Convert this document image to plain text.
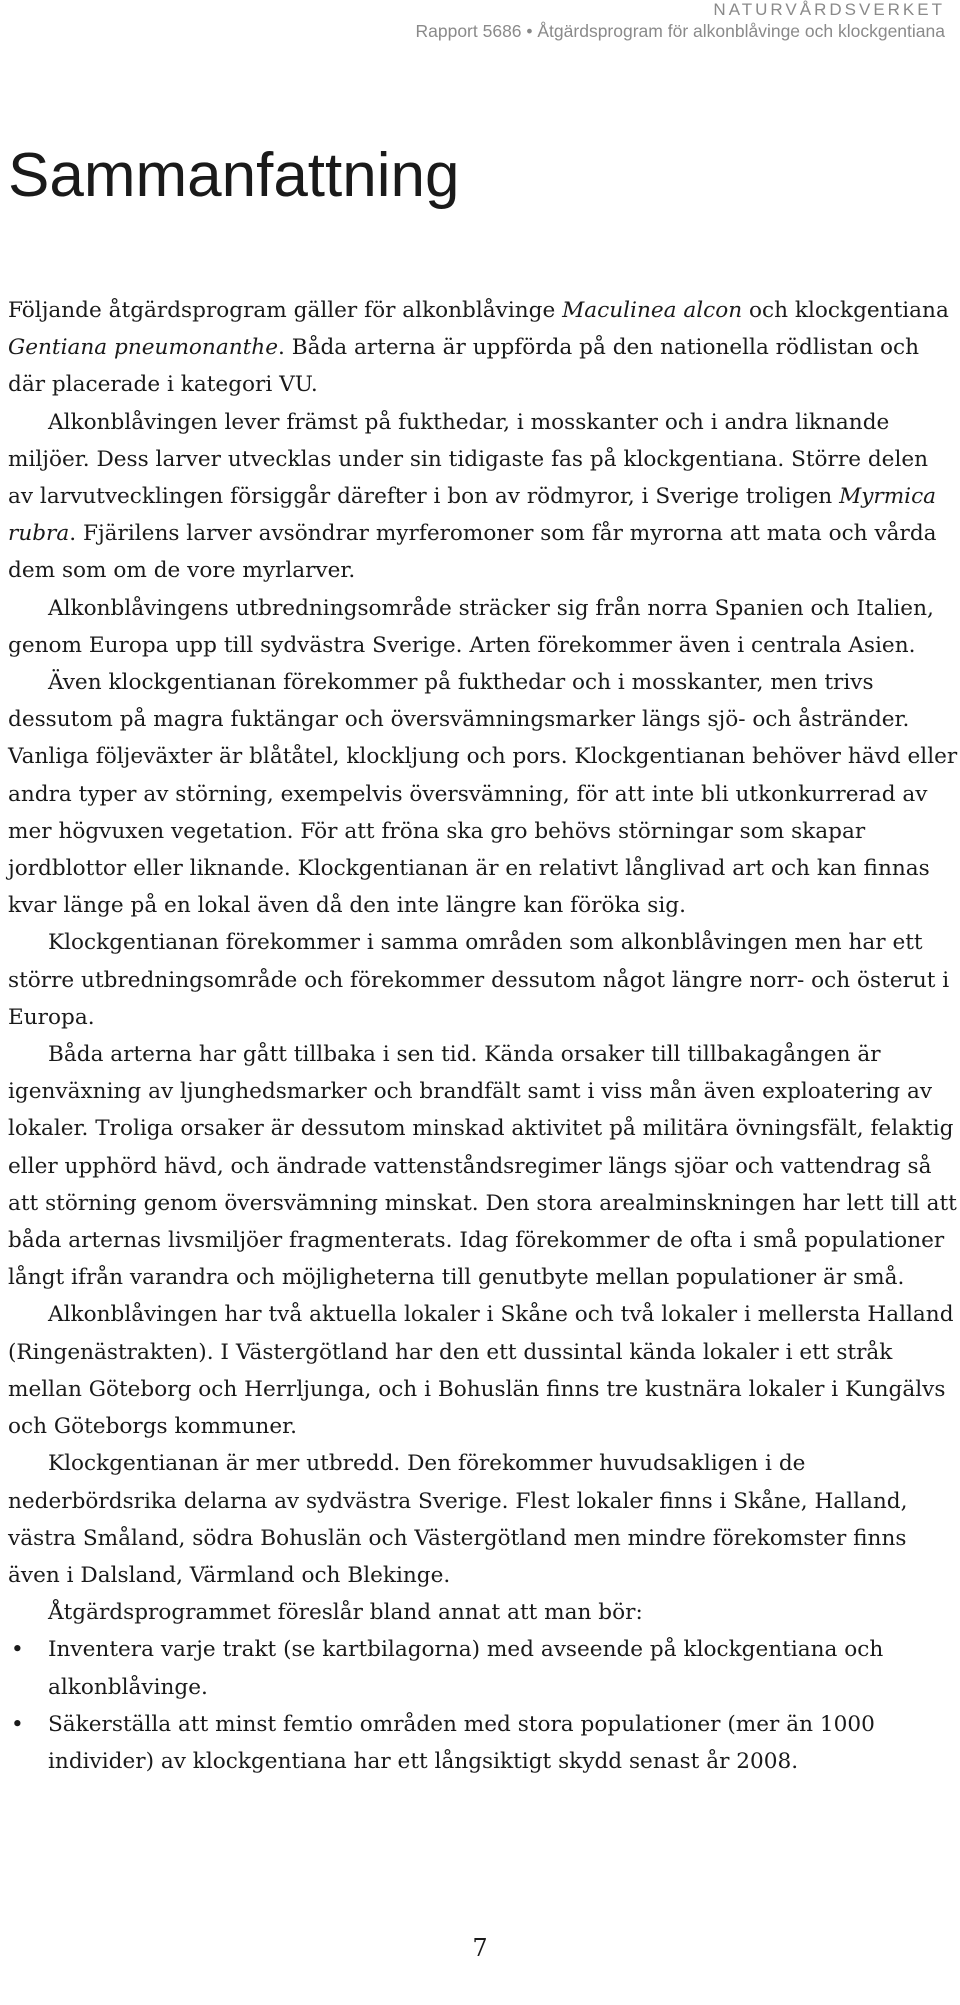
NATURVÅRDSVERKET
Rapport 5686 • Åtgärdsprogram för alkonblåvinge och klockgentiana
Sammanfattning

Följande åtgärdsprogram gäller för alkonblåvinge Maculinea alcon och klockgentiana Gentiana pneumonanthe. Båda arterna är uppförda på den nationella rödlistan och där placerade i kategori VU.

Alkonblåvingen lever främst på fukthedar, i mosskanter och i andra liknande miljöer. Dess larver utvecklas under sin tidigaste fas på klockgentiana. Större delen av larvutvecklingen försiggår därefter i bon av rödmyror, i Sverige troligen Myrmica rubra. Fjärilens larver avsöndrar myrferomoner som får myrorna att mata och vårda dem som om de vore myrlarver.

Alkonblåvingens utbredningsområde sträcker sig från norra Spanien och Italien, genom Europa upp till sydvästra Sverige. Arten förekommer även i centrala Asien.

Även klockgentianan förekommer på fukthedar och i mosskanter, men trivs dessutom på magra fuktängar och översvämningsmarker längs sjö- och åstränder. Vanliga följeväxter är blåtåtel, klockljung och pors. Klockgentianan behöver hävd eller andra typer av störning, exempelvis översvämning, för att inte bli utkonkurrerad av mer högvuxen vegetation. För att fröna ska gro behövs störningar som skapar jordblottor eller liknande. Klockgentianan är en relativt långlivad art och kan finnas kvar länge på en lokal även då den inte längre kan föröka sig.

Klockgentianan förekommer i samma områden som alkonblåvingen men har ett större utbredningsområde och förekommer dessutom något längre norr- och österut i Europa.

Båda arterna har gått tillbaka i sen tid. Kända orsaker till tillbakagången är igenväxning av ljunghedsmarker och brandfält samt i viss mån även exploatering av lokaler. Troliga orsaker är dessutom minskad aktivitet på militära övningsfält, felaktig eller upphörd hävd, och ändrade vattenståndsregimer längs sjöar och vattendrag så att störning genom översvämning minskat. Den stora arealminskningen har lett till att båda arternas livsmiljöer fragmenterats. Idag förekommer de ofta i små populationer långt ifrån varandra och möjligheterna till genutbyte mellan populationer är små.

Alkonblåvingen har två aktuella lokaler i Skåne och två lokaler i mellersta Halland (Ringenästrakten). I Västergötland har den ett dussintal kända lokaler i ett stråk mellan Göteborg och Herrljunga, och i Bohuslän finns tre kustnära lokaler i Kungälvs och Göteborgs kommuner.

Klockgentianan är mer utbredd. Den förekommer huvudsakligen i de nederbördsrika delarna av sydvästra Sverige. Flest lokaler finns i Skåne, Halland, västra Småland, södra Bohuslän och Västergötland men mindre förekomster finns även i Dalsland, Värmland och Blekinge.

Åtgärdsprogrammet föreslår bland annat att man bör:

• Inventera varje trakt (se kartbilagorna) med avseende på klockgentiana och alkonblåvinge.
• Säkerställa att minst femtio områden med stora populationer (mer än 1000 individer) av klockgentiana har ett långsiktigt skydd senast år 2008.
7
